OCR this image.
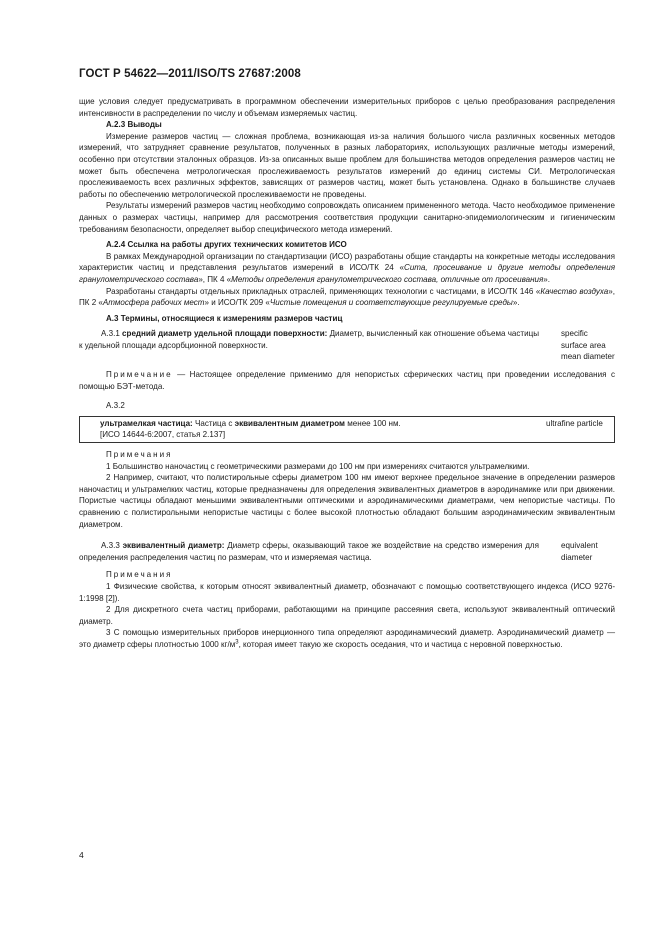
ГОСТ Р 54622—2011/ISO/TS 27687:2008

щие условия следует предусматривать в программном обеспечении измерительных приборов с целью преобразования распределения интенсивности в распределении по числу и объемам измеряемых частиц.

А.2.3 Выводы

Измерение размеров частиц — сложная проблема, возникающая из-за наличия большого числа различных косвенных методов измерений, что затрудняет сравнение результатов, полученных в разных лабораториях, использующих различные методы измерений, особенно при отсутствии эталонных образцов. Из-за описанных выше проблем для большинства методов определения размеров частиц не может быть обеспечена метрологическая прослеживаемость результатов измерений до единиц системы СИ. Метрологическая прослеживаемость всех различных эффектов, зависящих от размеров частиц, может быть установлена. Однако в большинстве случаев работы по обеспечению метрологической прослеживаемости не проведены.

Результаты измерений размеров частиц необходимо сопровождать описанием примененного метода. Часто необходимое применение данных о размерах частицы, например для рассмотрения соответствия продукции санитарно-эпидемиологическим и гигиеническим требованиям безопасности, определяет выбор специфического метода измерений.

А.2.4 Ссылка на работы других технических комитетов ИСО

В рамках Международной организации по стандартизации (ИСО) разработаны общие стандарты на конкретные методы исследования характеристик частиц и представления результатов измерений в ИСО/ТК 24 «Сита, просеивание и другие методы определения гранулометрического состава», ПК 4 «Методы определения гранулометрического состава, отличные от просеивания».

Разработаны стандарты отдельных прикладных отраслей, применяющих технологии с частицами, в ИСО/ТК 146 «Качество воздуха», ПК 2 «Атмосфера рабочих мест» и ИСО/ТК 209 «Чистые помещения и соответствующие регулируемые среды».

А.3 Термины, относящиеся к измерениям размеров частиц

А.3.1 средний диаметр удельной площади поверхности: Диаметр, вычисленный как отношение объема частицы к удельной площади адсорбционной поверхности.
specific surface area mean diameter

Примечание — Настоящее определение применимо для непористых сферических частиц при проведении исследования с помощью БЭТ-метода.

А.3.2

ультрамелкая частица: Частица с эквивалентным диаметром менее 100 нм.	ultrafine particle
[ИСО 14644-6:2007, статья 2.137]

Примечания

1 Большинство наночастиц с геометрическими размерами до 100 нм при измерениях считаются ультрамелкими.

2 Например, считают, что полистирольные сферы диаметром 100 нм имеют верхнее предельное значение в определении размеров наночастиц и ультрамелких частиц, которые предназначены для определения эквивалентных диаметров в аэродинамике или при движении. Пористые частицы обладают меньшими эквивалентными оптическими и аэродинамическими диаметрами, чем непористые частицы. По сравнению с полистирольными непористые частицы с более высокой плотностью обладают большим аэродинамическим эквивалентным диаметром.

А.3.3 эквивалентный диаметр: Диаметр сферы, оказывающий такое же воздействие на средство измерения для определения распределения частиц по размерам, что и измеряемая частица.
equivalent diameter

Примечания

1 Физические свойства, к которым относят эквивалентный диаметр, обозначают с помощью соответствующего индекса (ИСО 9276-1:1998 [2]).

2 Для дискретного счета частиц приборами, работающими на принципе рассеяния света, используют эквивалентный оптический диаметр.

3 С помощью измерительных приборов инерционного типа определяют аэродинамический диаметр. Аэродинамический диаметр — это диаметр сферы плотностью 1000 $кг/м^3$, которая имеет такую же скорость оседания, что и частица с неровной поверхностью.

4
